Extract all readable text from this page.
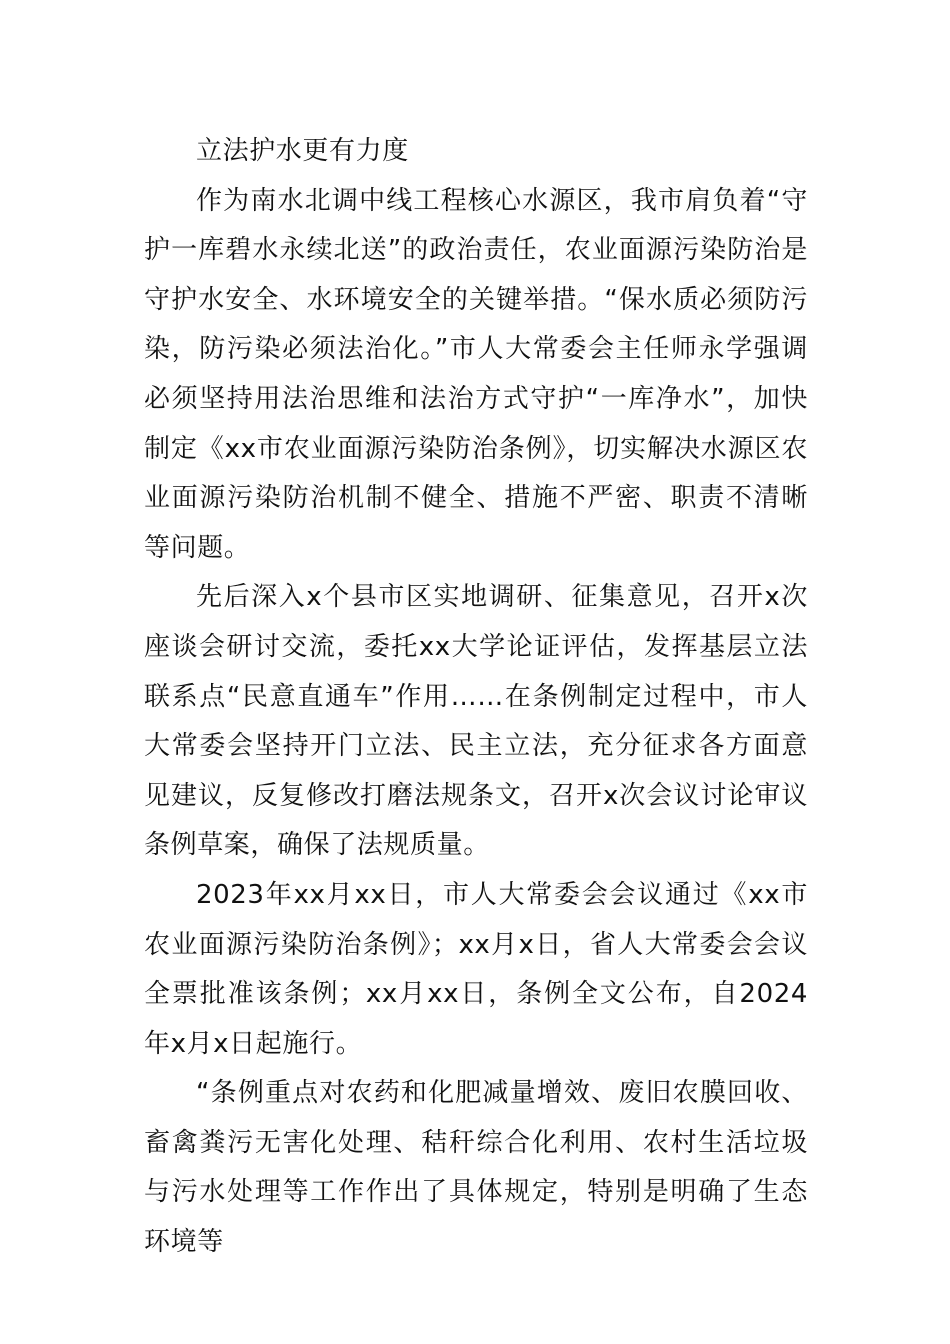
立法护水更有力度

作为南水北调中线工程核心水源区，我市肩负着“守护一库碧水永续北送”的政治责任，农业面源污染防治是守护水安全、水环境安全的关键举措。“保水质必须防污染，防污染必须法治化。”市人大常委会主任师永学强调必须坚持用法治思维和法治方式守护“一库净水”，加快制定《xx市农业面源污染防治条例》，切实解决水源区农业面源污染防治机制不健全、措施不严密、职责不清晰等问题。

先后深入x个县市区实地调研、征集意见，召开x次座谈会研讨交流，委托xx大学论证评估，发挥基层立法联系点“民意直通车”作用……在条例制定过程中，市人大常委会坚持开门立法、民主立法，充分征求各方面意见建议，反复修改打磨法规条文，召开x次会议讨论审议条例草案，确保了法规质量。

2023年xx月xx日，市人大常委会会议通过《xx市农业面源污染防治条例》；xx月x日，省人大常委会会议全票批准该条例；xx月xx日，条例全文公布，自2024年x月x日起施行。

“条例重点对农药和化肥减量增效、废旧农膜回收、畜禽粪污无害化处理、秸秆综合化利用、农村生活垃圾与污水处理等工作作出了具体规定，特别是明确了生态环境等
